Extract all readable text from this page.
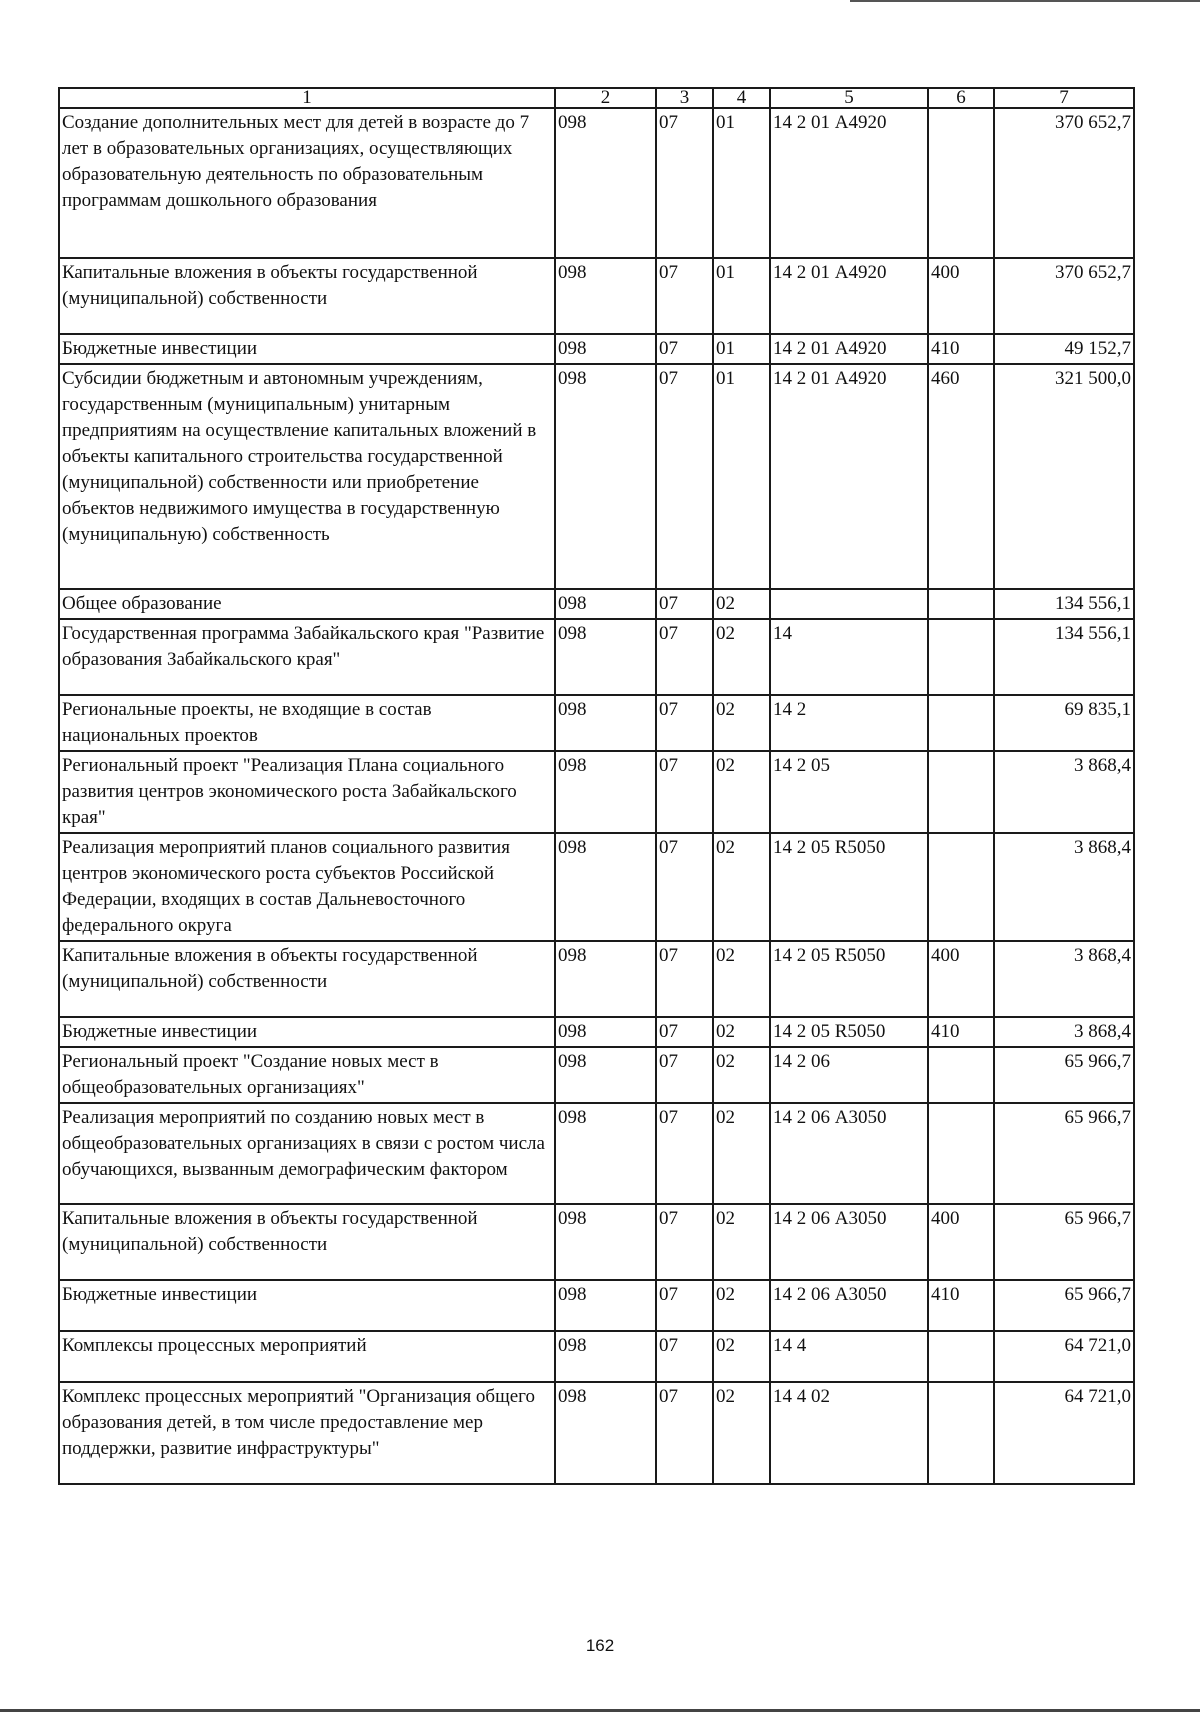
1	2	3	4	5	6	7
Создание дополнительных мест для детей в возрасте до 7 лет в образовательных организациях, осуществляющих образовательную деятельность по образовательным программам дошкольного образования	098	07	01	14 2 01 А4920		370 652,7
Капитальные вложения в объекты государственной (муниципальной) собственности	098	07	01	14 2 01 А4920	400	370 652,7
Бюджетные инвестиции	098	07	01	14 2 01 А4920	410	49 152,7
Субсидии бюджетным и автономным учреждениям, государственным (муниципальным) унитарным предприятиям на осуществление капитальных вложений в объекты капитального строительства государственной (муниципальной) собственности или приобретение объектов недвижимого имущества в государственную (муниципальную) собственность	098	07	01	14 2 01 А4920	460	321 500,0
Общее образование	098	07	02			134 556,1
Государственная программа Забайкальского края "Развитие образования Забайкальского края"	098	07	02	14		134 556,1
Региональные проекты, не входящие в состав национальных проектов	098	07	02	14 2		69 835,1
Региональный проект "Реализация Плана социального развития центров экономического роста Забайкальского края"	098	07	02	14 2 05		3 868,4
Реализация мероприятий планов социального развития центров экономического роста субъектов Российской Федерации, входящих в состав Дальневосточного федерального округа	098	07	02	14 2 05 R5050		3 868,4
Капитальные вложения в объекты государственной (муниципальной) собственности	098	07	02	14 2 05 R5050	400	3 868,4
Бюджетные инвестиции	098	07	02	14 2 05 R5050	410	3 868,4
Региональный проект "Создание новых мест в общеобразовательных организациях"	098	07	02	14 2 06		65 966,7
Реализация мероприятий по созданию новых мест в общеобразовательных организациях в связи с ростом числа обучающихся, вызванным демографическим фактором	098	07	02	14 2 06 А3050		65 966,7
Капитальные вложения в объекты государственной (муниципальной) собственности	098	07	02	14 2 06 А3050	400	65 966,7
Бюджетные инвестиции	098	07	02	14 2 06 А3050	410	65 966,7
Комплексы процессных мероприятий	098	07	02	14 4		64 721,0
Комплекс процессных мероприятий "Организация общего образования детей, в том числе предоставление мер поддержки, развитие инфраструктуры"	098	07	02	14 4 02		64 721,0
162
